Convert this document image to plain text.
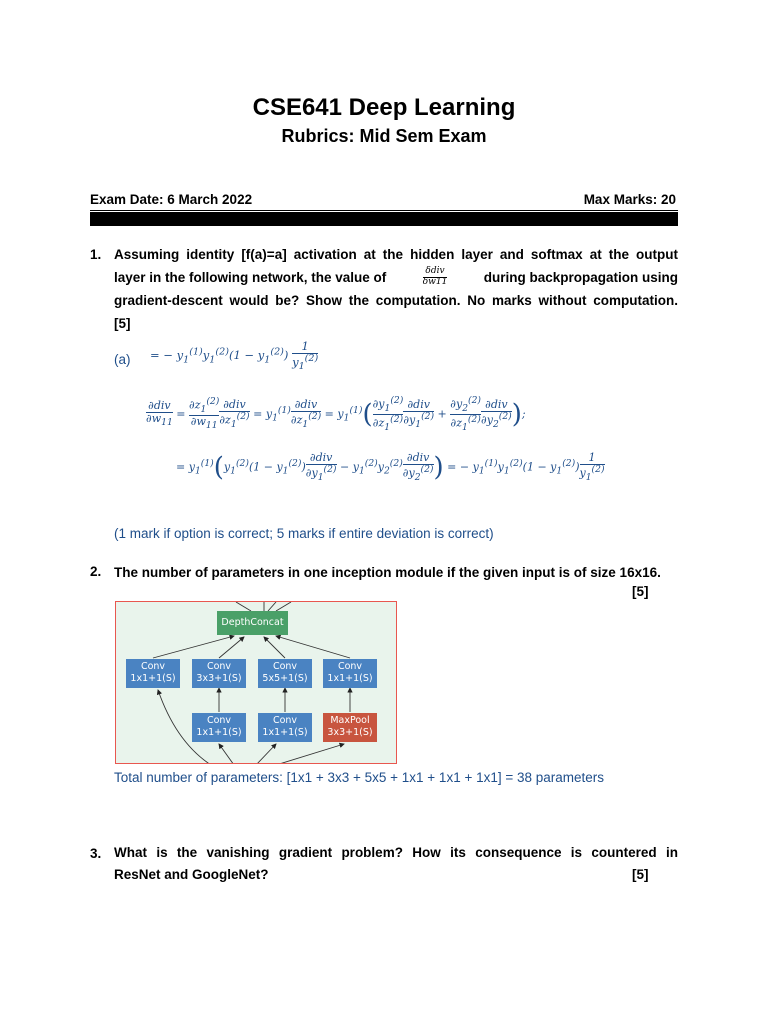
CSE641 Deep Learning
Rubrics: Mid Sem Exam
Exam Date: 6 March 2022	Max Marks: 20
1. Assuming identity [f(a)=a] activation at the hidden layer and softmax at the output
layer in the following network, the value of	$\frac{\text{δdiv}}{\delta w11}$	during backpropagation using
gradient-descent would be? Show the computation. No marks without computation.
[5]
(a) = − $y_1^{(1)}y_1^{(2)}(1 - y_1^{(2)}) \frac{1}{y_1^{(2)}}$
$\frac{\text{∂div}}{\partial w_{11}} = \frac{\partial z_1^{(2)}}{\partial w_{11}} \frac{\text{∂div}}{\partial z_1^{(2)}} = y_1^{(1)} \frac{\text{∂div}}{\partial z_1^{(2)}} = y_1^{(1)}( \frac{\partial y_1^{(2)}}{\partial z_1^{(2)}} \frac{\text{∂div}}{\partial y_1^{(2)}} + \frac{\partial y_2^{(2)}}{\partial z_1^{(2)}} \frac{\text{∂div}}{\partial y_2^{(2)}}$ );
= $y_1^{(1)}(y_1^{(2)}(1 - y_1^{(2)}) \frac{\text{∂div}}{\partial y_1^{(2)}} - y_1^{(2)}y_2^{(2)} \frac{\text{∂div}}{\partial y_2^{(2)}}$ ) = − $y_1^{(1)}y_1^{(2)}(1 - y_1^{(2)}) \frac{1}{y_1^{(2)}}$
(1 mark if option is correct; 5 marks if entire deviation is correct)
2. The number of parameters in one inception module if the given input is of size 16x16.
[5]
DepthConcat
Conv
1x1+1(S)
Conv
3x3+1(S)
Conv
5x5+1(S)
Conv
1x1+1(S)
Conv
1x1+1(S)
Conv
1x1+1(S)
MaxPool
3x3+1(S)
Total number of parameters: [1x1 + 3x3 + 5x5 + 1x1 + 1x1 + 1x1] = 38 parameters
3. What is the vanishing gradient problem? How its consequence is countered in
ResNet and GoogleNet?	[5]
